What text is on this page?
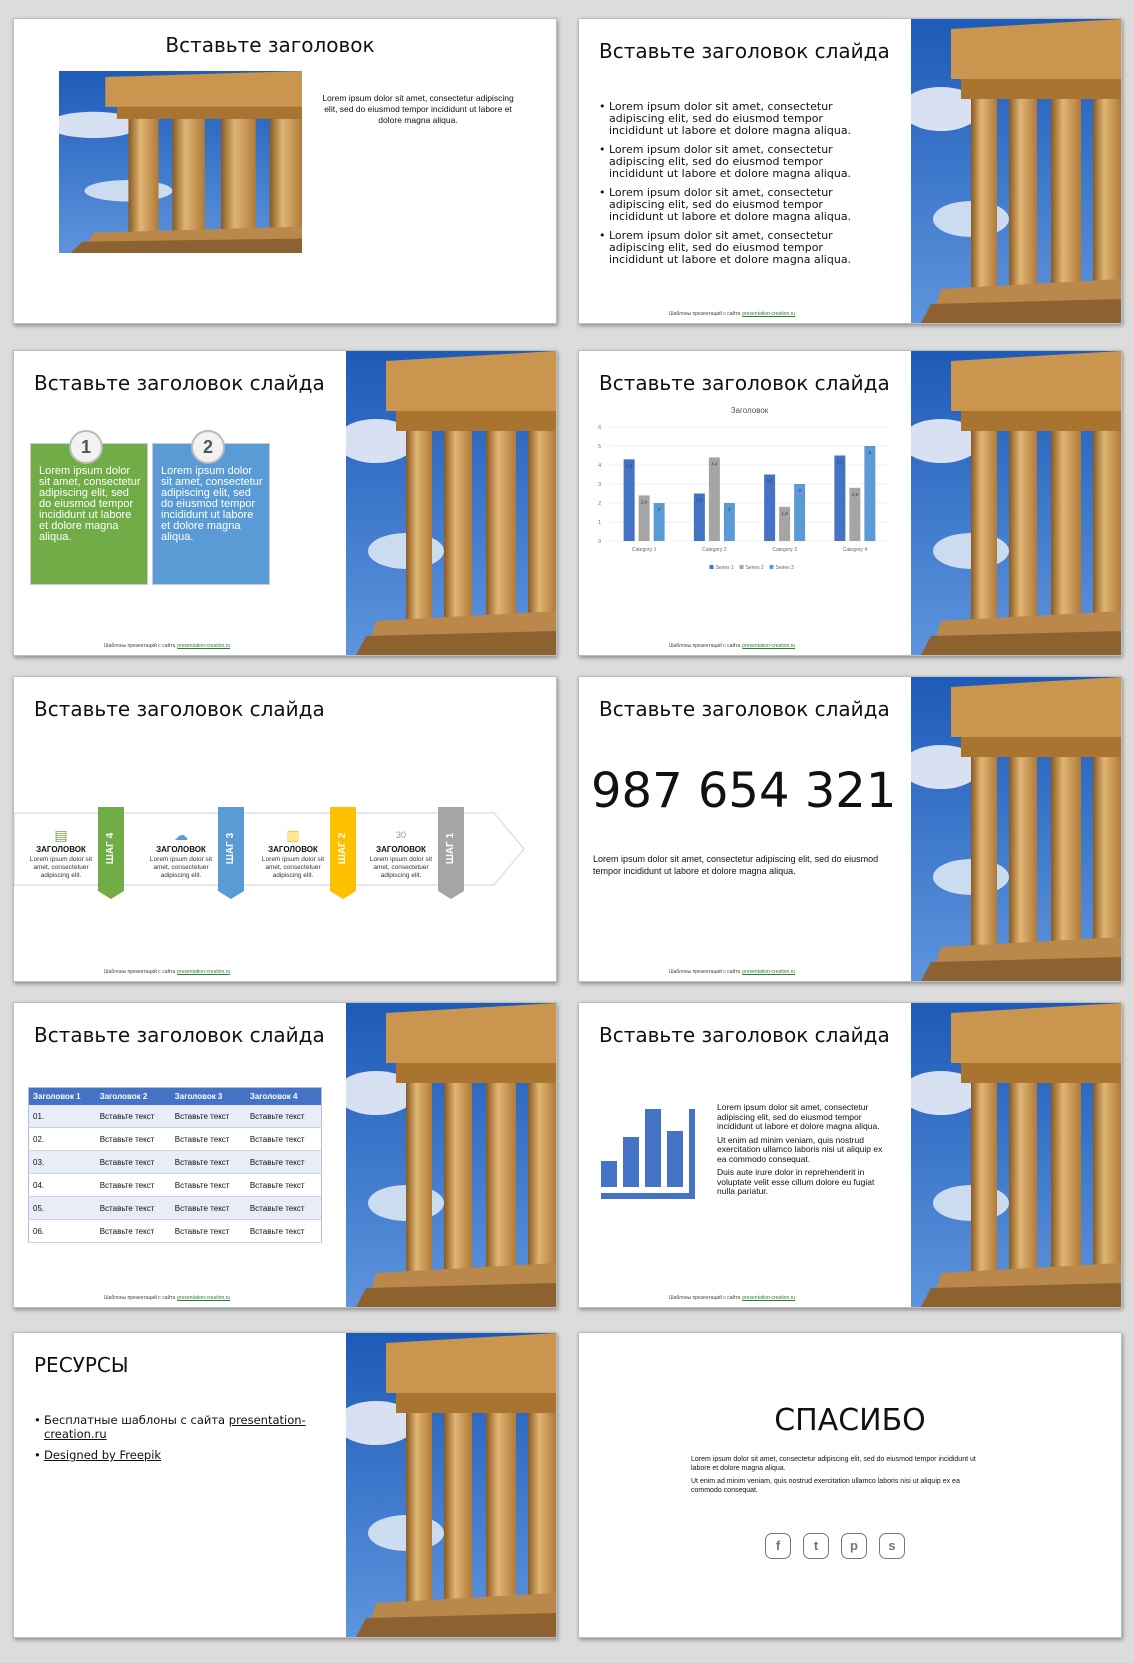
Вставьте заголовок
Lorem ipsum dolor sit amet, consectetur adipiscing elit, sed do eiusmod tempor incididunt ut labore et dolore magna aliqua.
Вставьте заголовок слайда
• Lorem ipsum dolor sit amet, consectetur adipiscing elit, sed do eiusmod tempor incididunt ut labore et dolore magna aliqua.
• Lorem ipsum dolor sit amet, consectetur adipiscing elit, sed do eiusmod tempor incididunt ut labore et dolore magna aliqua.
• Lorem ipsum dolor sit amet, consectetur adipiscing elit, sed do eiusmod tempor incididunt ut labore et dolore magna aliqua.
• Lorem ipsum dolor sit amet, consectetur adipiscing elit, sed do eiusmod tempor incididunt ut labore et dolore magna aliqua.
Шаблоны презентаций с сайта presentation-creation.ru
Вставьте заголовок слайда
1
Lorem ipsum dolor sit amet, consectetur adipiscing elit, sed do eiusmod tempor incididunt ut labore et dolore magna aliqua.
2
Lorem ipsum dolor sit amet, consectetur adipiscing elit, sed do eiusmod tempor incididunt ut labore et dolore magna aliqua.
Шаблоны презентаций с сайта presentation-creation.ru
Вставьте заголовок слайда
Заголовок
0
1
2
3
4
5
6
Category 1
4,3
2,4
2
Category 2
2,5
4,4
2
Category 3
3,5
1,8
3
Category 4
4,5
2,8
5
Series 1 Series 2 Series 3
Шаблоны презентаций с сайта presentation-creation.ru
Вставьте заголовок слайда
▤
ЗАГОЛОВОК
Lorem ipsum dolor sit amet, consectetuer adipiscing elit.
ШАГ 4	☁
ЗАГОЛОВОК
Lorem ipsum dolor sit amet, consectetuer adipiscing elit.
ШАГ 3	▥
ЗАГОЛОВОК
Lorem ipsum dolor sit amet, consectetuer adipiscing elit.
ШАГ 2	30
ЗАГОЛОВОК
Lorem ipsum dolor sit amet, consectetuer adipiscing elit.
ШАГ 1
Шаблоны презентаций с сайта presentation-creation.ru
Вставьте заголовок слайда
987 654 321
Lorem ipsum dolor sit amet, consectetur adipiscing elit, sed do eiusmod tempor incididunt ut labore et dolore magna aliqua.
Шаблоны презентаций с сайта presentation-creation.ru
Вставьте заголовок слайда
Заголовок 1	Заголовок 2	Заголовок 3	Заголовок 4
01.	Вставьте текст	Вставьте текст	Вставьте текст
02.	Вставьте текст	Вставьте текст	Вставьте текст
03.	Вставьте текст	Вставьте текст	Вставьте текст
04.	Вставьте текст	Вставьте текст	Вставьте текст
05.	Вставьте текст	Вставьте текст	Вставьте текст
06.	Вставьте текст	Вставьте текст	Вставьте текст
Шаблоны презентаций с сайта presentation-creation.ru
Вставьте заголовок слайда
Lorem ipsum dolor sit amet, consectetur adipiscing elit, sed do eiusmod tempor incididunt ut labore et dolore magna aliqua.
Ut enim ad minim veniam, quis nostrud exercitation ullamco laboris nisi ut aliquip ex ea commodo consequat.
Duis aute irure dolor in reprehenderit in voluptate velit esse cillum dolore eu fugiat nulla pariatur.
Шаблоны презентаций с сайта presentation-creation.ru
РЕСУРСЫ
• Бесплатные шаблоны с сайта presentation-creation.ru
• Designed by Freepik
СПАСИБО
Lorem ipsum dolor sit amet, consectetur adipiscing elit, sed do eiusmod tempor incididunt ut labore et dolore magna aliqua.
Ut enim ad minim veniam, quis nostrud exercitation ullamco laboris nisi ut aliquip ex ea commodo consequat.
f	t	p	s
